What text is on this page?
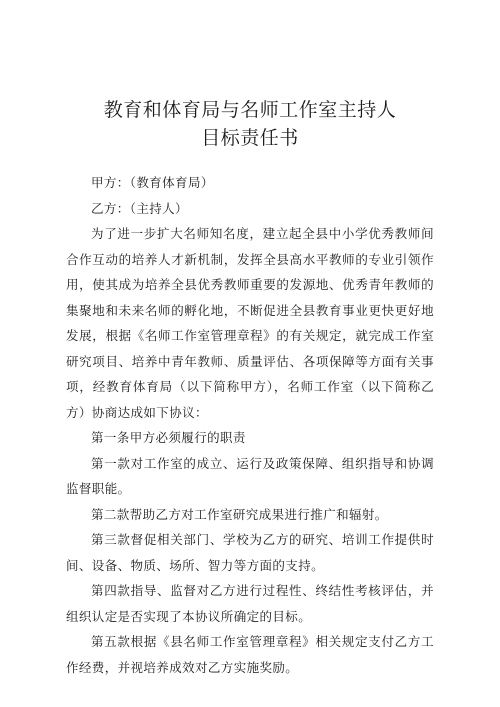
教育和体育局与名师工作室主持人
目标责任书

甲方：（教育体育局）

乙方：（主持人）

为了进一步扩大名师知名度，建立起全县中小学优秀教师间合作互动的培养人才新机制，发挥全县高水平教师的专业引领作用，使其成为培养全县优秀教师重要的发源地、优秀青年教师的集聚地和未来名师的孵化地，不断促进全县教育事业更快更好地发展，根据《名师工作室管理章程》的有关规定，就完成工作室研究项目、培养中青年教师、质量评估、各项保障等方面有关事项，经教育体育局（以下简称甲方），名师工作室（以下简称乙方）协商达成如下协议：

第一条甲方必须履行的职责

第一款对工作室的成立、运行及政策保障、组织指导和协调监督职能。

第二款帮助乙方对工作室研究成果进行推广和辐射。

第三款督促相关部门、学校为乙方的研究、培训工作提供时间、设备、物质、场所、智力等方面的支持。

第四款指导、监督对乙方进行过程性、终结性考核评估，并组织认定是否实现了本协议所确定的目标。

第五款根据《县名师工作室管理章程》相关规定支付乙方工作经费，并视培养成效对乙方实施奖励。
